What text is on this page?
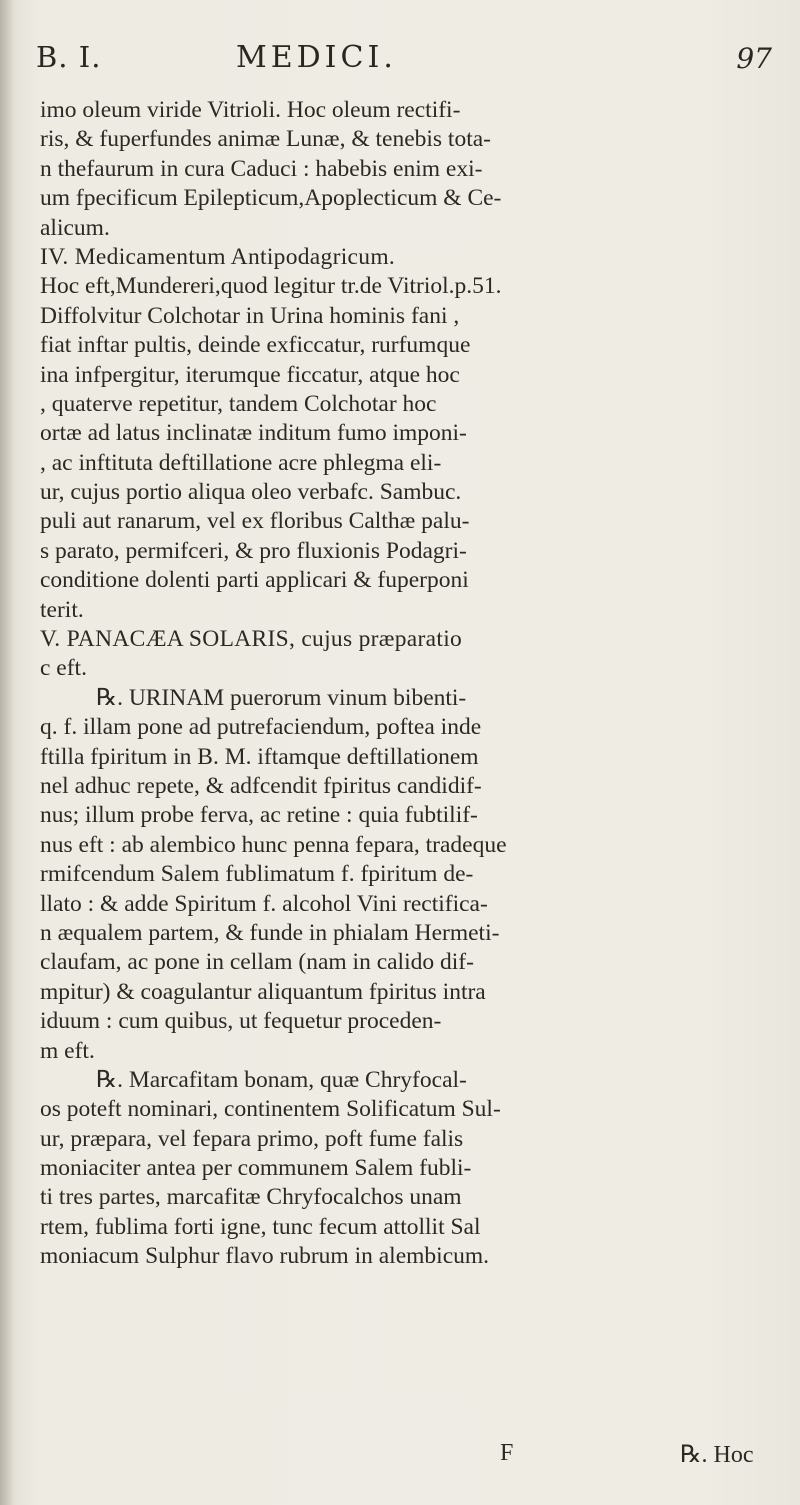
B. I.	MEDICI.	97
imo oleum viride Vitrioli. Hoc oleum rectifi-
ris, & fuperfundes animæ Lunæ, & tenebis tota-
n thefaurum in cura Caduci : habebis enim exi-
um fpecificum Epilepticum,Apoplecticum & Ce-
alicum.
IV. Medicamentum Antipodagricum.
Hoc eft,Mundereri,quod legitur tr.de Vitriol.p.51.
Diffolvitur Colchotar in Urina hominis fani ,
fiat inftar pultis, deinde exficcatur, rurfumque
ina infpergitur, iterumque ficcatur, atque hoc
, quaterve repetitur, tandem Colchotar hoc
ortæ ad latus inclinatæ inditum fumo imponi-
, ac inftituta deftillatione acre phlegma eli-
ur, cujus portio aliqua oleo verbafc. Sambuc.
puli aut ranarum, vel ex floribus Calthæ palu-
s parato, permifceri, & pro fluxionis Podagri-
conditione dolenti parti applicari & fuperponi
terit.
V. PANACÆA SOLARIS, cujus præparatio
c eft.
℞. URINAM puerorum vinum bibenti-
q. f. illam pone ad putrefaciendum, poftea inde
ftilla fpiritum in B. M. iftamque deftillationem
nel adhuc repete, & adfcendit fpiritus candidif-
nus; illum probe ferva, ac retine : quia fubtilif-
nus eft : ab alembico hunc penna fepara, tradeque
rmifcendum Salem fublimatum f. fpiritum de-
llato : & adde Spiritum f. alcohol Vini rectifica-
n æqualem partem, & funde in phialam Hermeti-
claufam, ac pone in cellam (nam in calido dif-
mpitur) & coagulantur aliquantum fpiritus intra
iduum : cum quibus, ut fequetur proceden-
m eft.
℞. Marcafitam bonam, quæ Chryfocal-
os poteft nominari, continentem Solificatum Sul-
ur, præpara, vel fepara primo, poft fume falis
moniaciter antea per communem Salem fubli-
ti tres partes, marcafitæ Chryfocalchos unam
rtem, fublima forti igne, tunc fecum attollit Sal
moniacum Sulphur flavo rubrum in alembicum.
F	℞. Hoc
